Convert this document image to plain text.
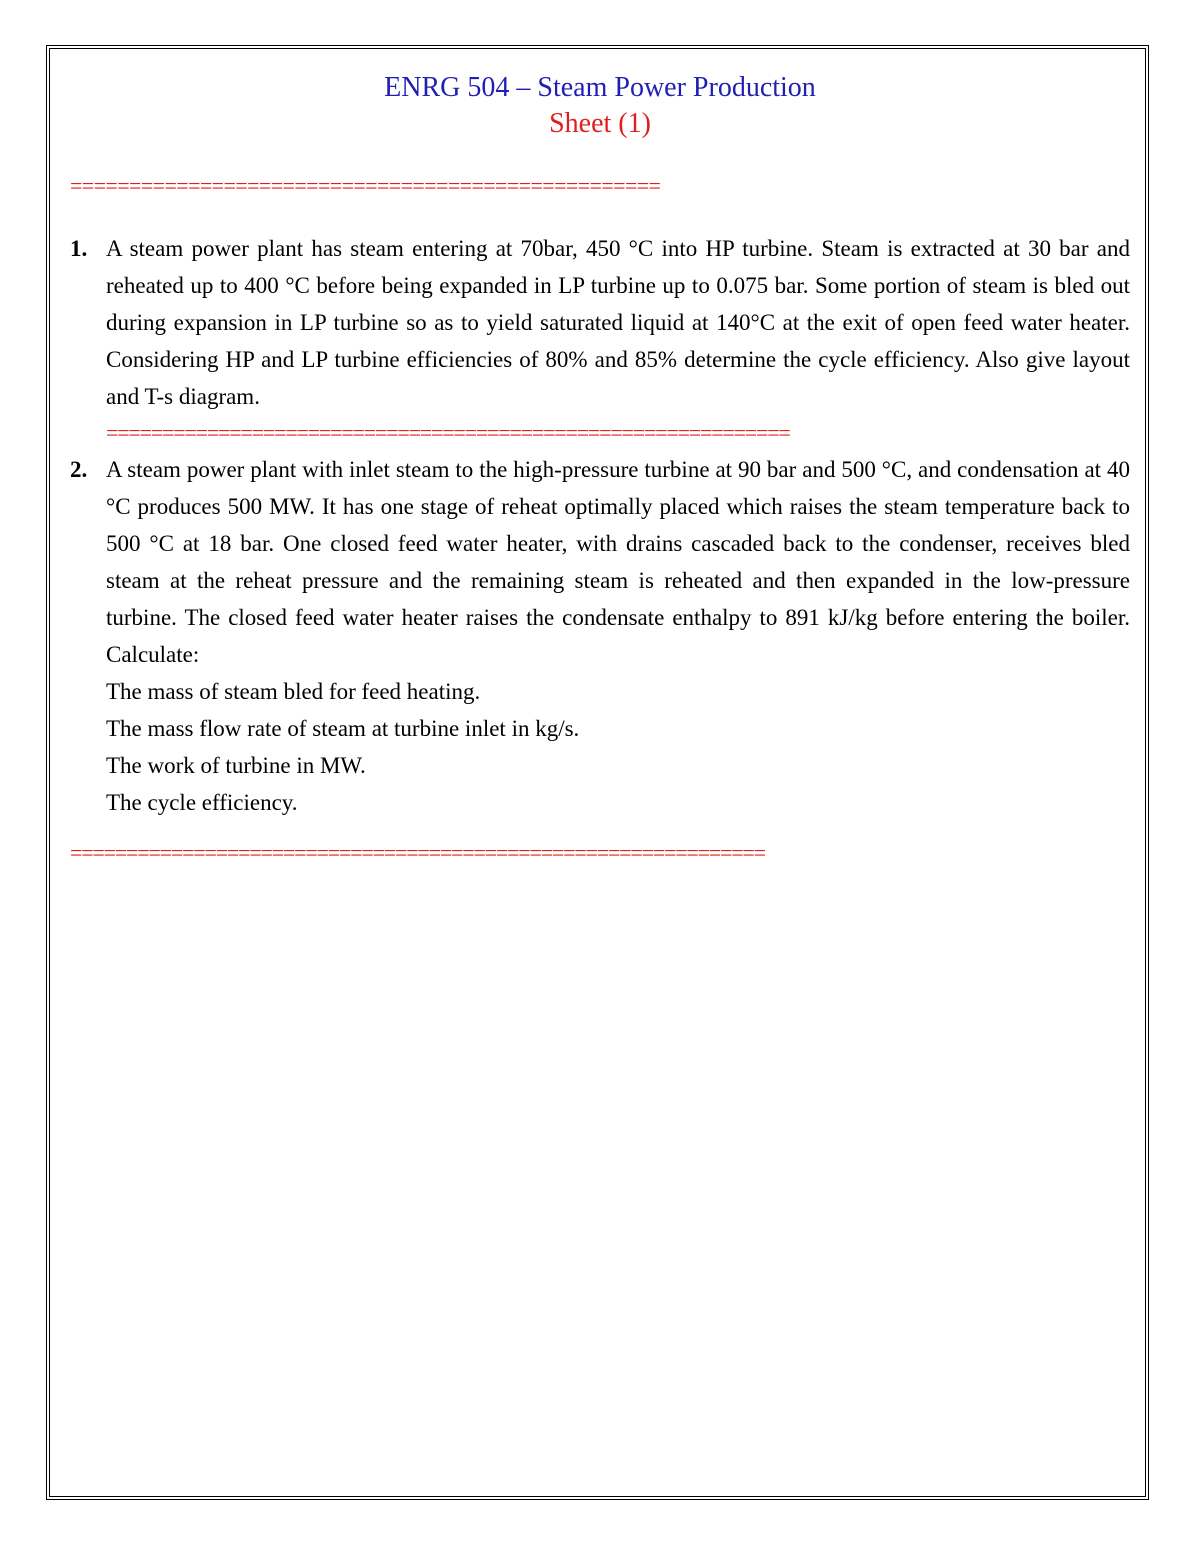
ENRG 504 – Steam Power Production
Sheet (1)
==================================================
1. A steam power plant has steam entering at 70bar, 450 °C into HP turbine. Steam is extracted at 30 bar and reheated up to 400 °C before being expanded in LP turbine up to 0.075 bar. Some portion of steam is bled out during expansion in LP turbine so as to yield saturated liquid at 140°C at the exit of open feed water heater. Considering HP and LP turbine efficiencies of 80% and 85% determine the cycle efficiency. Also give layout and T-s diagram.
=============================================================
2. A steam power plant with inlet steam to the high-pressure turbine at 90 bar and 500 °C, and condensation at 40 °C produces 500 MW. It has one stage of reheat optimally placed which raises the steam temperature back to 500 °C at 18 bar. One closed feed water heater, with drains cascaded back to the condenser, receives bled steam at the reheat pressure and the remaining steam is reheated and then expanded in the low-pressure turbine. The closed feed water heater raises the condensate enthalpy to 891 kJ/kg before entering the boiler. Calculate:
The mass of steam bled for feed heating.
The mass flow rate of steam at turbine inlet in kg/s.
The work of turbine in MW.
The cycle efficiency.
==============================================================
